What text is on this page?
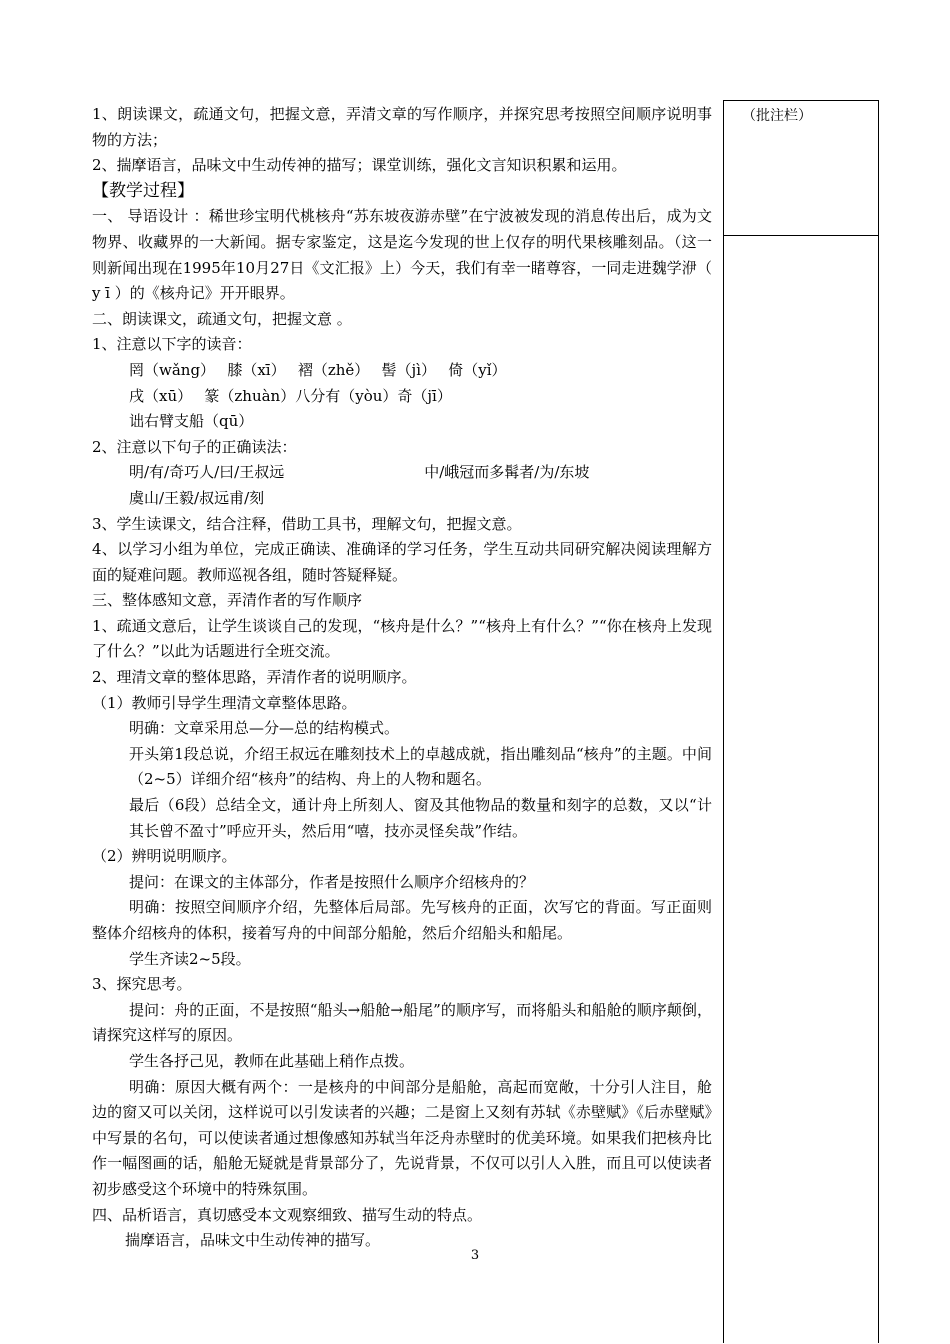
（批注栏）

1、朗读课文，疏通文句，把握文意，弄清文章的写作顺序，并探究思考按照空间顺序说明事物的方法；

2、揣摩语言，品味文中生动传神的描写；课堂训练，强化文言知识积累和运用。

【教学过程】

一、 导语设计 ：稀世珍宝明代桃核舟“苏东坡夜游赤壁”在宁波被发现的消息传出后，成为文物界、收藏界的一大新闻。据专家鉴定，这是迄今发现的世上仅存的明代果核雕刻品。（这一则新闻出现在1995年10月27日《文汇报》上）今天，我们有幸一睹尊容，一同走进魏学洢（ y ī ）的《核舟记》开开眼界。

二、朗读课文，疏通文句，把握文意 。

1、注意以下字的读音：

罔（wǎng）　 膝（xī）　 褶（zhě）　 髻（jì）　 倚（yǐ）

戌（xū）　 篆（zhuàn）八分有（yòu）奇（jī）

诎右臂支船（qū）

2、注意以下句子的正确读法：

明/有/奇巧人/曰/王叔远	中/峨冠而多髯者/为/东坡

虞山/王毅/叔远甫/刻

3、学生读课文，结合注释，借助工具书，理解文句，把握文意。

4、以学习小组为单位，完成正确读、准确译的学习任务，学生互动共同研究解决阅读理解方面的疑难问题。教师巡视各组，随时答疑释疑。

三、整体感知文意，弄清作者的写作顺序

1、疏通文意后，让学生谈谈自己的发现，“核舟是什么？”“核舟上有什么？”“你在核舟上发现了什么？”以此为话题进行全班交流。

2、理清文章的整体思路，弄清作者的说明顺序。

（1）教师引导学生理清文章整体思路。

明确：文章采用总—分—总的结构模式。

开头第1段总说，介绍王叔远在雕刻技术上的卓越成就，指出雕刻品“核舟”的主题。中间（2~5）详细介绍“核舟”的结构、舟上的人物和题名。

最后（6段）总结全文，通计舟上所刻人、窗及其他物品的数量和刻字的总数，又以“计其长曾不盈寸”呼应开头，然后用“嘻，技亦灵怪矣哉”作结。

（2）辨明说明顺序。

提问：在课文的主体部分，作者是按照什么顺序介绍核舟的？

明确：按照空间顺序介绍，先整体后局部。先写核舟的正面，次写它的背面。写正面则整体介绍核舟的体积，接着写舟的中间部分船舱，然后介绍船头和船尾。

学生齐读2~5段。

3、探究思考。

提问：舟的正面，不是按照“船头→船舱→船尾”的顺序写，而将船头和船舱的顺序颠倒，请探究这样写的原因。

学生各抒己见，教师在此基础上稍作点拨。

明确：原因大概有两个：一是核舟的中间部分是船舱，高起而宽敞，十分引人注目，舱边的窗又可以关闭，这样说可以引发读者的兴趣；二是窗上又刻有苏轼《赤壁赋》《后赤壁赋》中写景的名句，可以使读者通过想像感知苏轼当年泛舟赤壁时的优美环境。如果我们把核舟比作一幅图画的话，船舱无疑就是背景部分了，先说背景，不仅可以引人入胜，而且可以使读者初步感受这个环境中的特殊氛围。

四、品析语言，真切感受本文观察细致、描写生动的特点。

揣摩语言，品味文中生动传神的描写。

3
